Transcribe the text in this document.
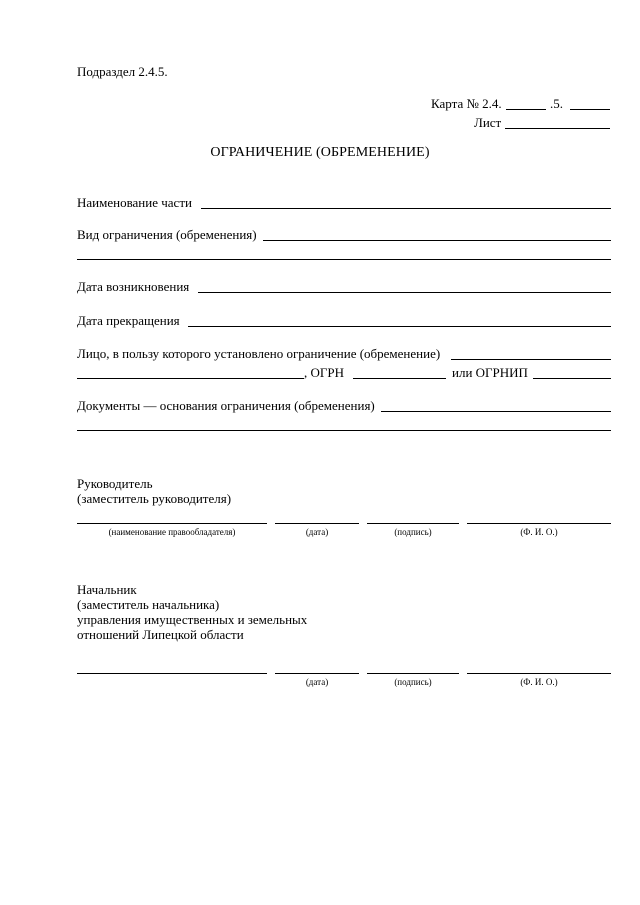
Подраздел 2.4.5.
Карта № 2.4.	.5.
Лист
ОГРАНИЧЕНИЕ (ОБРЕМЕНЕНИЕ)
Наименование части
Вид ограничения (обременения)
Дата возникновения
Дата прекращения
Лицо, в пользу которого установлено ограничение (обременение)
, ОГРН	или ОГРНИП
Документы — основания ограничения (обременения)
Руководитель
(заместитель руководителя)
(наименование правообладателя)	(дата)	(подпись)	(Ф. И. О.)
Начальник
(заместитель начальника)
управления имущественных и земельных
отношений Липецкой области
(дата)	(подпись)	(Ф. И. О.)
